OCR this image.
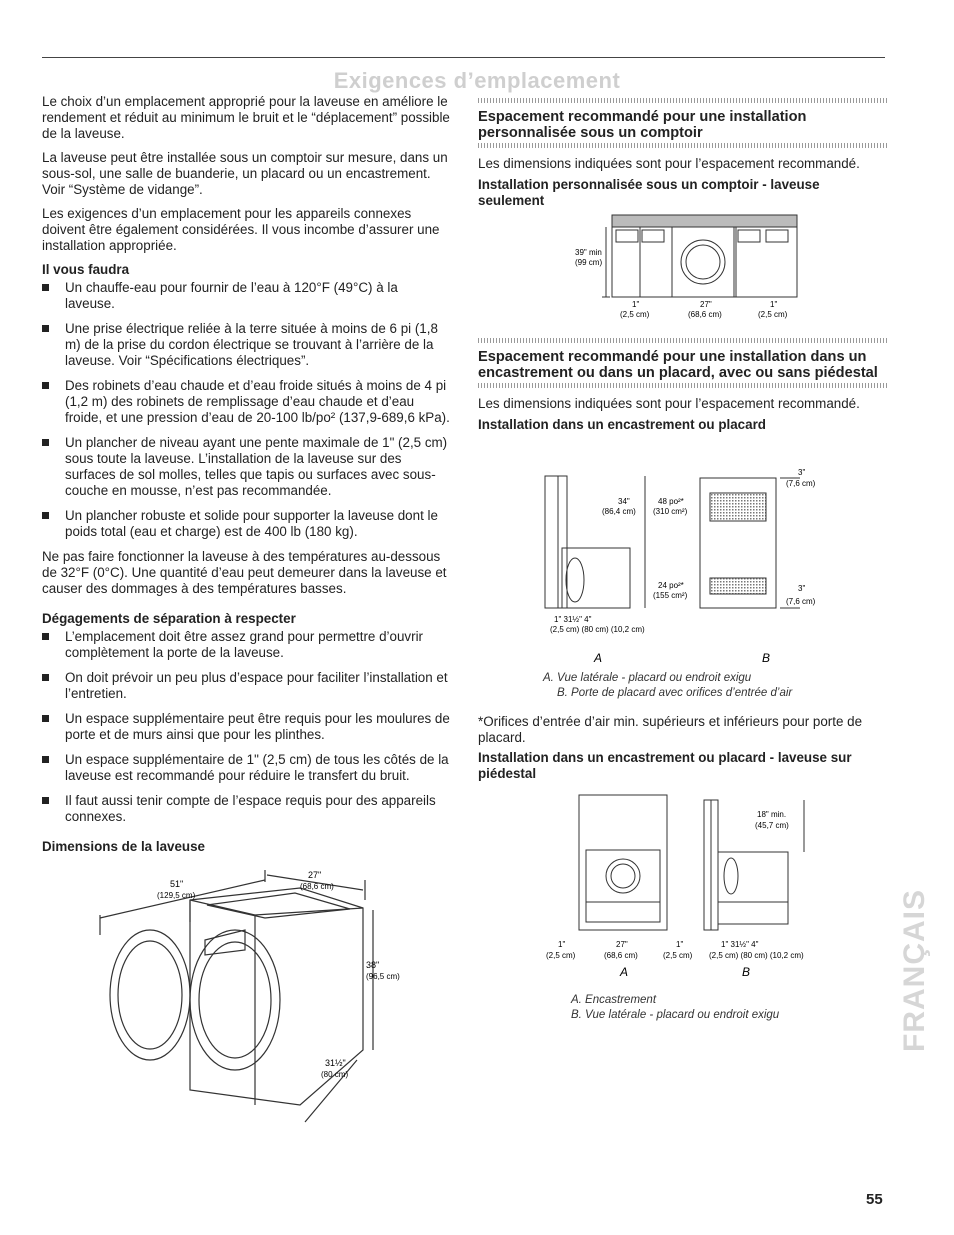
Exigences d’emplacement

Le choix d’un emplacement approprié pour la laveuse en améliore le rendement et réduit au minimum le bruit et le “déplacement” possible de la laveuse.

La laveuse peut être installée sous un comptoir sur mesure, dans un sous-sol, une salle de buanderie, un placard ou un encastrement. Voir “Système de vidange”.

Les exigences d’un emplacement pour les appareils connexes doivent être également considérées. Il vous incombe d’assurer une installation appropriée.

Il vous faudra
Un chauffe-eau pour fournir de l’eau à 120°F (49°C) à la laveuse.
Une prise électrique reliée à la terre située à moins de 6 pi (1,8 m) de la prise du cordon électrique se trouvant à l’arrière de la laveuse. Voir “Spécifications électriques”.
Des robinets d’eau chaude et d’eau froide situés à moins de 4 pi (1,2 m) des robinets de remplissage d’eau chaude et d’eau froide, et une pression d’eau de 20-100 lb/po² (137,9-689,6 kPa).
Un plancher de niveau ayant une pente maximale de 1" (2,5 cm) sous toute la laveuse. L’installation de la laveuse sur des surfaces de sol molles, telles que tapis ou surfaces avec sous-couche en mousse, n’est pas recommandée.
Un plancher robuste et solide pour supporter la laveuse dont le poids total (eau et charge) est de 400 lb (180 kg).

Ne pas faire fonctionner la laveuse à des températures au-dessous de 32°F (0°C). Une quantité d’eau peut demeurer dans la laveuse et causer des dommages à des températures basses.

Dégagements de séparation à respecter
L’emplacement doit être assez grand pour permettre d’ouvrir complètement la porte de la laveuse.
On doit prévoir un peu plus d’espace pour faciliter l’installation et l’entretien.
Un espace supplémentaire peut être requis pour les moulures de porte et de murs ainsi que pour les plinthes.
Un espace supplémentaire de 1" (2,5 cm) de tous les côtés de la laveuse est recommandé pour réduire le transfert du bruit.
Il faut aussi tenir compte de l’espace requis pour des appareils connexes.
Dimensions de la laveuse
51"
(129,5 cm)
27"
(68,6 cm)
38"
(96,5 cm)
31½"
(80 cm)
Espacement recommandé pour une installation personnalisée sous un comptoir

Les dimensions indiquées sont pour l’espacement recommandé.

Installation personnalisée sous un comptoir - laveuse seulement
39" min
(99 cm)
1"
(2,5 cm)
27"
(68,6 cm)
1"
(2,5 cm)
Espacement recommandé pour une installation dans un encastrement ou dans un placard, avec ou sans piédestal

Les dimensions indiquées sont pour l’espacement recommandé.

Installation dans un encastrement ou placard
34"
(86,4 cm)
48 po²*
(310 cm²)
24 po²*
(155 cm²)
3"
(7,6 cm)
3"
(7,6 cm)
1" 31½" 4"
(2,5 cm) (80 cm) (10,2 cm)
A	B
A. Vue latérale - placard ou endroit exigu
B. Porte de placard avec orifices d’entrée d’air

*Orifices d’entrée d’air min. supérieurs et inférieurs pour porte de placard.

Installation dans un encastrement ou placard - laveuse sur piédestal
18" min.
(45,7 cm)
1"
(2,5 cm)
27"
(68,6 cm)
1"
(2,5 cm)
1" 31½" 4"
(2,5 cm) (80 cm) (10,2 cm)
A	B
A. Encastrement
B. Vue latérale - placard ou endroit exigu	FRANÇAIS
55
